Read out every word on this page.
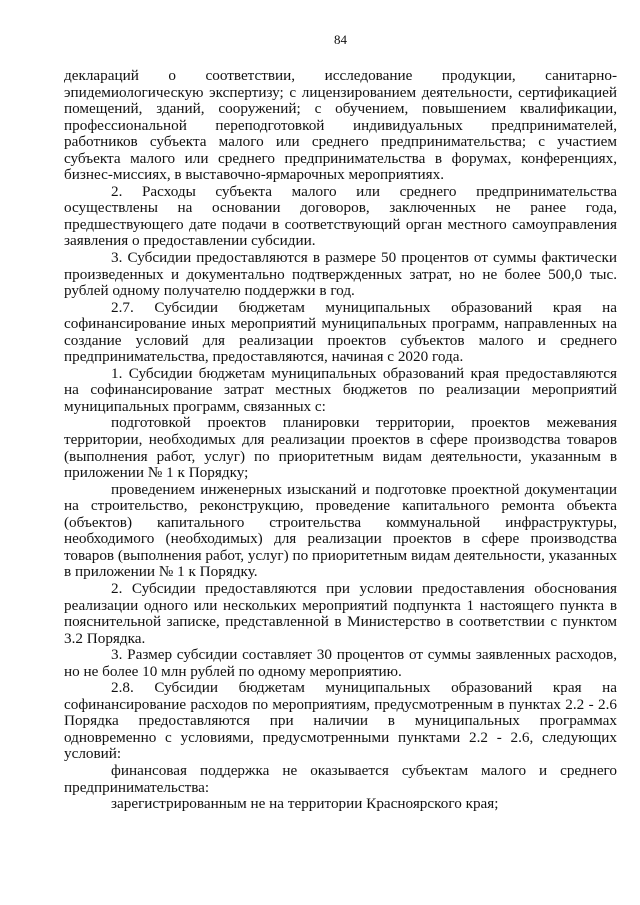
84

деклараций о соответствии, исследование продукции, санитарно-эпидемиологическую экспертизу; с лицензированием деятельности, сертификацией помещений, зданий, сооружений; с обучением, повышением квалификации, профессиональной переподготовкой индивидуальных предпринимателей, работников субъекта малого или среднего предпринимательства; с участием субъекта малого или среднего предпринимательства в форумах, конференциях, бизнес-миссиях, в выставочно-ярмарочных мероприятиях.

2. Расходы субъекта малого или среднего предпринимательства осуществлены на основании договоров, заключенных не ранее года, предшествующего дате подачи в соответствующий орган местного самоуправления заявления о предоставлении субсидии.

3. Субсидии предоставляются в размере 50 процентов от суммы фактически произведенных и документально подтвержденных затрат, но не более 500,0 тыс. рублей одному получателю поддержки в год.

2.7. Субсидии бюджетам муниципальных образований края на софинансирование иных мероприятий муниципальных программ, направленных на создание условий для реализации проектов субъектов малого и среднего предпринимательства, предоставляются, начиная с 2020 года.

1. Субсидии бюджетам муниципальных образований края предоставляются на софинансирование затрат местных бюджетов по реализации мероприятий муниципальных программ, связанных с:

подготовкой проектов планировки территории, проектов межевания территории, необходимых для реализации проектов в сфере производства товаров (выполнения работ, услуг) по приоритетным видам деятельности, указанным в приложении № 1 к Порядку;

проведением инженерных изысканий и подготовке проектной документации на строительство, реконструкцию, проведение капитального ремонта объекта (объектов) капитального строительства коммунальной инфраструктуры, необходимого (необходимых) для реализации проектов в сфере производства товаров (выполнения работ, услуг) по приоритетным видам деятельности, указанных в приложении № 1 к Порядку.

2. Субсидии предоставляются при условии предоставления обоснования реализации одного или нескольких мероприятий подпункта 1 настоящего пункта в пояснительной записке, представленной в Министерство в соответствии с пунктом 3.2 Порядка.

3. Размер субсидии составляет 30 процентов от суммы заявленных расходов, но не более 10 млн рублей по одному мероприятию.

2.8. Субсидии бюджетам муниципальных образований края на софинансирование расходов по мероприятиям, предусмотренным в пунктах 2.2 - 2.6 Порядка предоставляются при наличии в муниципальных программах одновременно с условиями, предусмотренными пунктами 2.2 - 2.6, следующих условий:

финансовая поддержка не оказывается субъектам малого и среднего предпринимательства:

зарегистрированным не на территории Красноярского края;
